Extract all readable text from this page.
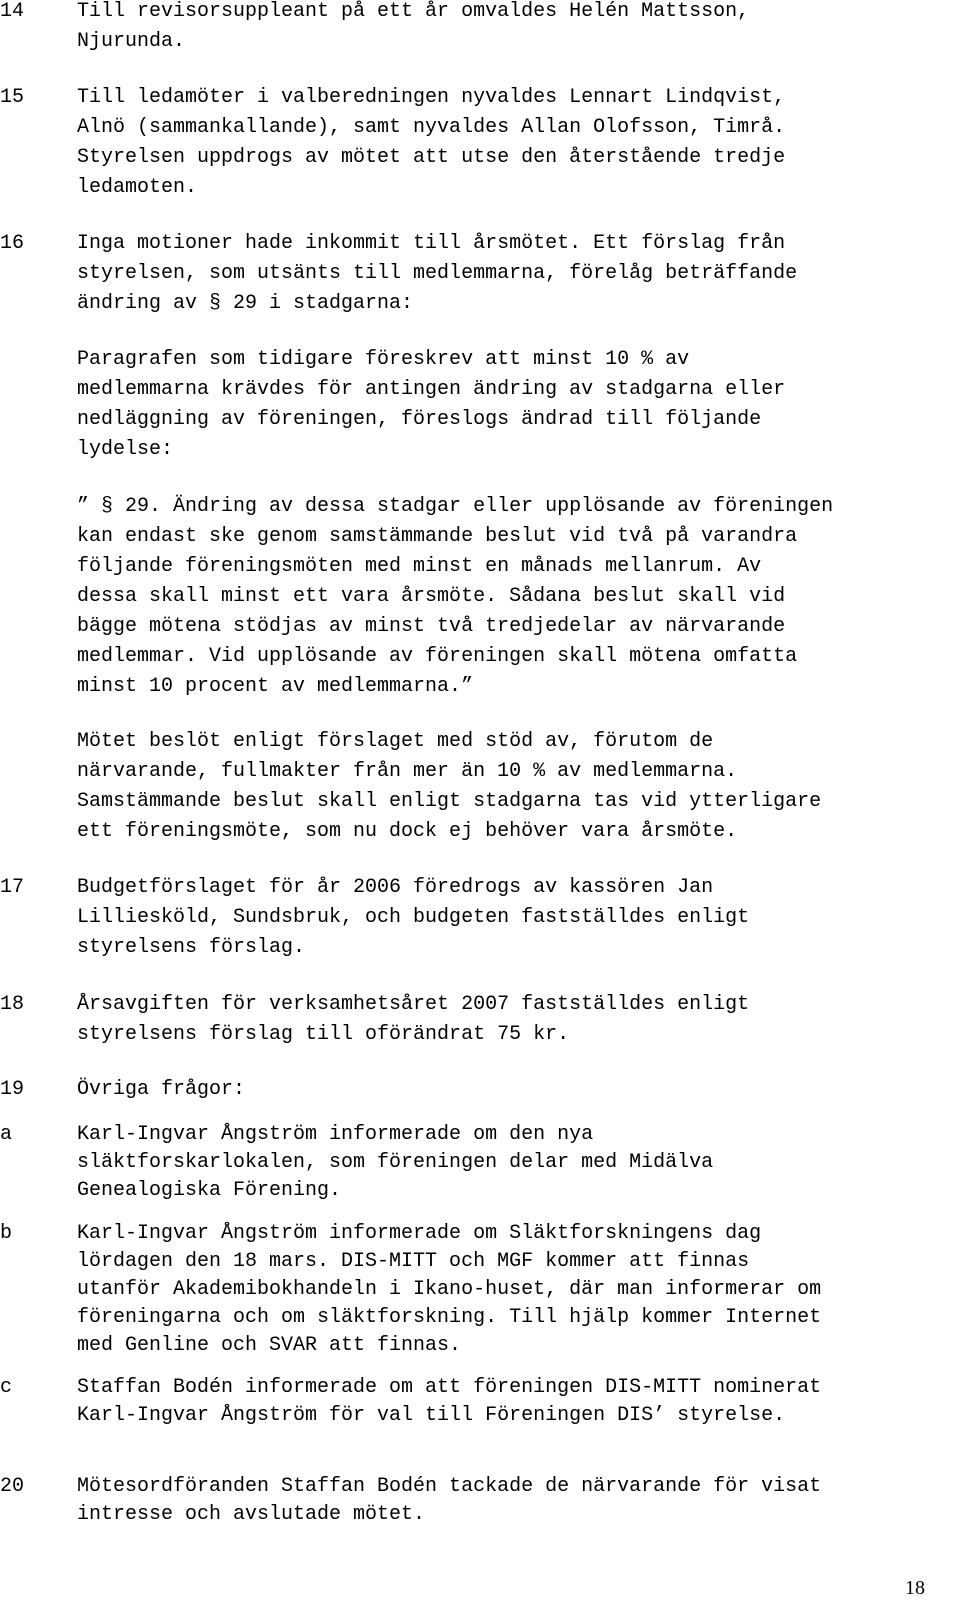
14	Till revisorsuppleant på ett år omvaldes Helén Mattsson,
Njurunda.
15	Till ledamöter i valberedningen nyvaldes Lennart Lindqvist,
Alnö (sammankallande), samt nyvaldes Allan Olofsson, Timrå.
Styrelsen uppdrogs av mötet att utse den återstående tredje
ledamoten.
16	Inga motioner hade inkommit till årsmötet. Ett förslag från
styrelsen, som utsänts till medlemmarna, förelåg beträffande
ändring av § 29 i stadgarna:
Paragrafen som tidigare föreskrev att minst 10 % av
medlemmarna krävdes för antingen ändring av stadgarna eller
nedläggning av föreningen, föreslogs ändrad till följande
lydelse:
” § 29. Ändring av dessa stadgar eller upplösande av föreningen
kan endast ske genom samstämmande beslut vid två på varandra
följande föreningsmöten med minst en månads mellanrum. Av
dessa skall minst ett vara årsmöte. Sådana beslut skall vid
bägge mötena stödjas av minst två tredjedelar av närvarande
medlemmar. Vid upplösande av föreningen skall mötena omfatta
minst 10 procent av medlemmarna.”
Mötet beslöt enligt förslaget med stöd av, förutom de
närvarande, fullmakter från mer än 10 % av medlemmarna.
Samstämmande beslut skall enligt stadgarna tas vid ytterligare
ett föreningsmöte, som nu dock ej behöver vara årsmöte.
17	Budgetförslaget för år 2006 föredrogs av kassören Jan
Lilliesköld, Sundsbruk, och budgeten fastställdes enligt
styrelsens förslag.
18	Årsavgiften för verksamhetsåret 2007 fastställdes enligt
styrelsens förslag till oförändrat 75 kr.
19	Övriga frågor:
a	Karl-Ingvar Ångström informerade om den nya
släktforskarlokalen, som föreningen delar med Midälva
Genealogiska Förening.
b	Karl-Ingvar Ångström informerade om Släktforskningens dag
lördagen den 18 mars. DIS-MITT och MGF kommer att finnas
utanför Akademibokhandeln i Ikano-huset, där man informerar om
föreningarna och om släktforskning. Till hjälp kommer Internet
med Genline och SVAR att finnas.
c	Staffan Bodén informerade om att föreningen DIS-MITT nominerat
Karl-Ingvar Ångström för val till Föreningen DIS’ styrelse.
20	Mötesordföranden Staffan Bodén tackade de närvarande för visat
intresse och avslutade mötet.
18
